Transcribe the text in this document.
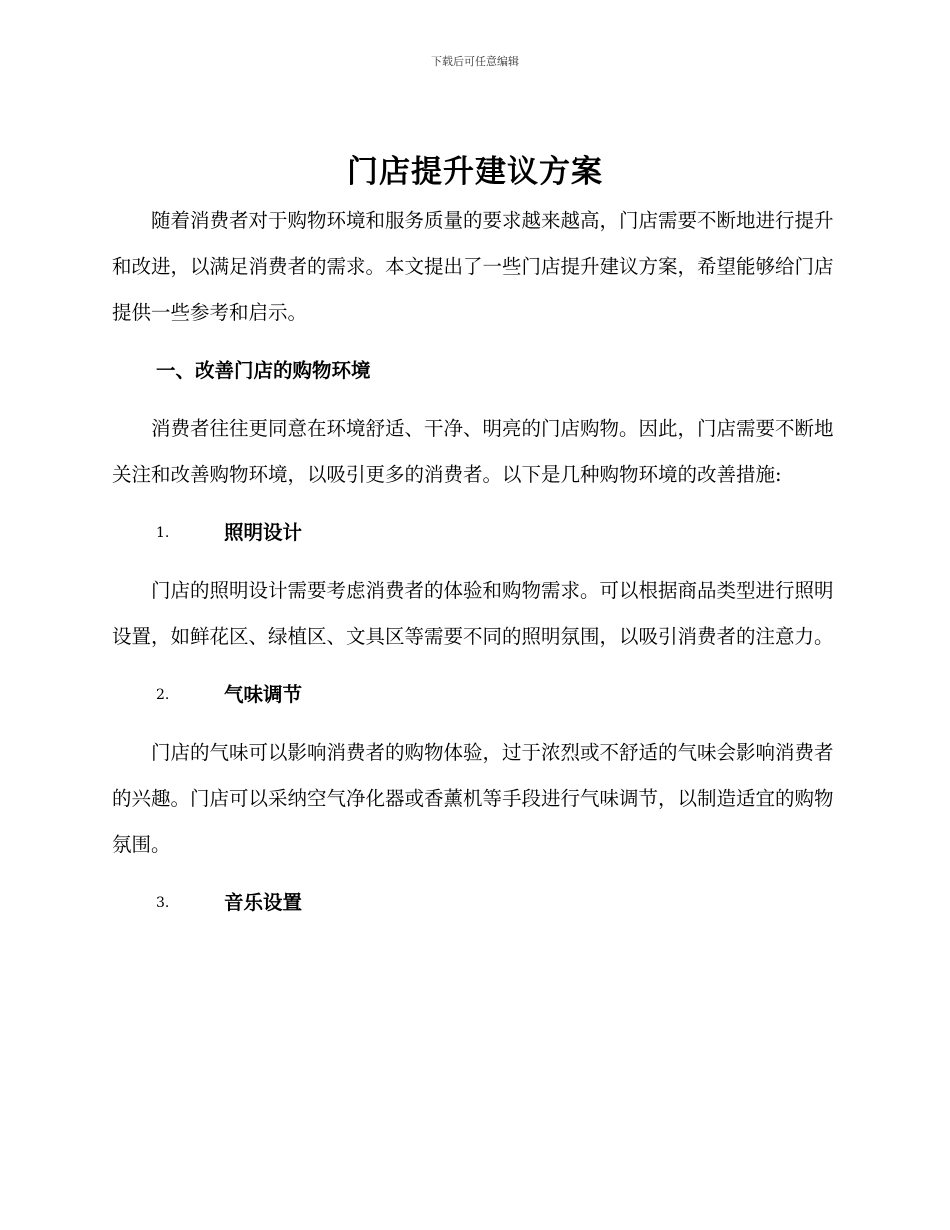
下载后可任意编辑
门店提升建议方案

随着消费者对于购物环境和服务质量的要求越来越高，门店需要不断地进行提升和改进，以满足消费者的需求。本文提出了一些门店提升建议方案，希望能够给门店提供一些参考和启示。

一、改善门店的购物环境

消费者往往更同意在环境舒适、干净、明亮的门店购物。因此，门店需要不断地关注和改善购物环境，以吸引更多的消费者。以下是几种购物环境的改善措施:

1.	照明设计

门店的照明设计需要考虑消费者的体验和购物需求。可以根据商品类型进行照明设置，如鲜花区、绿植区、文具区等需要不同的照明氛围，以吸引消费者的注意力。

2.	气味调节

门店的气味可以影响消费者的购物体验，过于浓烈或不舒适的气味会影响消费者的兴趣。门店可以采纳空气净化器或香薰机等手段进行气味调节，以制造适宜的购物氛围。

3.	音乐设置
